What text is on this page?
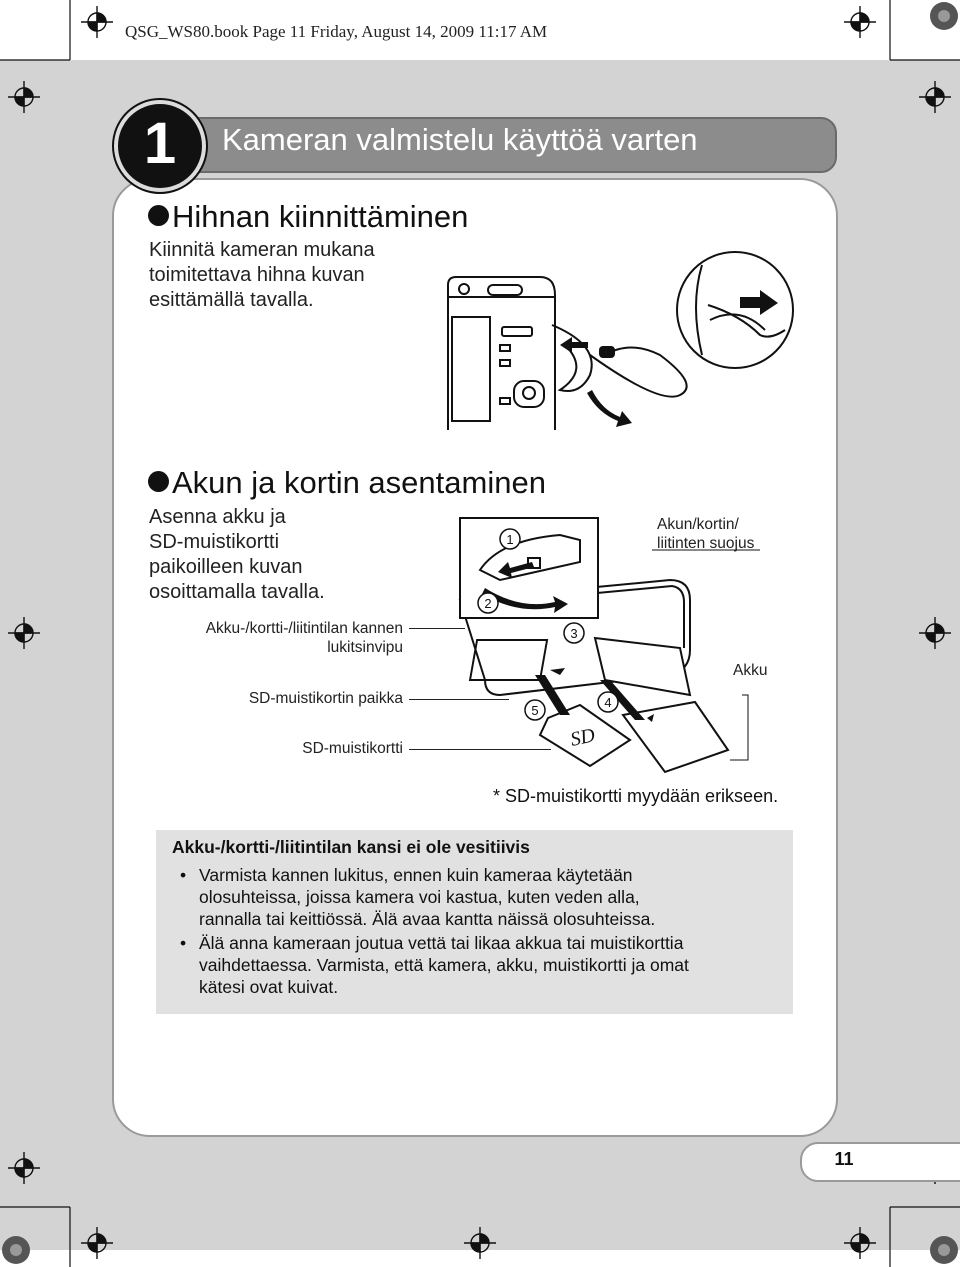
QSG_WS80.book Page 11 Friday, August 14, 2009 11:17 AM
Kameran valmistelu käyttöä varten
1
Hihnan kiinnittäminen
Kiinnitä kameran mukana
toimitettava hihna kuvan
esittämällä tavalla.
Akun ja kortin asentaminen
Asenna akku ja
SD-muistikortti
paikoilleen kuvan
osoittamalla tavalla.
Akku-/kortti-/liitintilan kannen
lukitsinvipu
SD-muistikortin paikka
SD-muistikortti
Akun/kortin/
liitinten suojus
Akku
SD
1
2
3
4
5
* SD-muistikortti myydään erikseen.
Akku-/kortti-/liitintilan kansi ei ole vesitiivis
• Varmista kannen lukitus, ennen kuin kameraa käytetään
olosuhteissa, joissa kamera voi kastua, kuten veden alla,
rannalla tai keittiössä. Älä avaa kantta näissä olosuhteissa.
• Älä anna kameraan joutua vettä tai likaa akkua tai muistikorttia
vaihdettaessa. Varmista, että kamera, akku, muistikortti ja omat
kätesi ovat kuivat.
11
